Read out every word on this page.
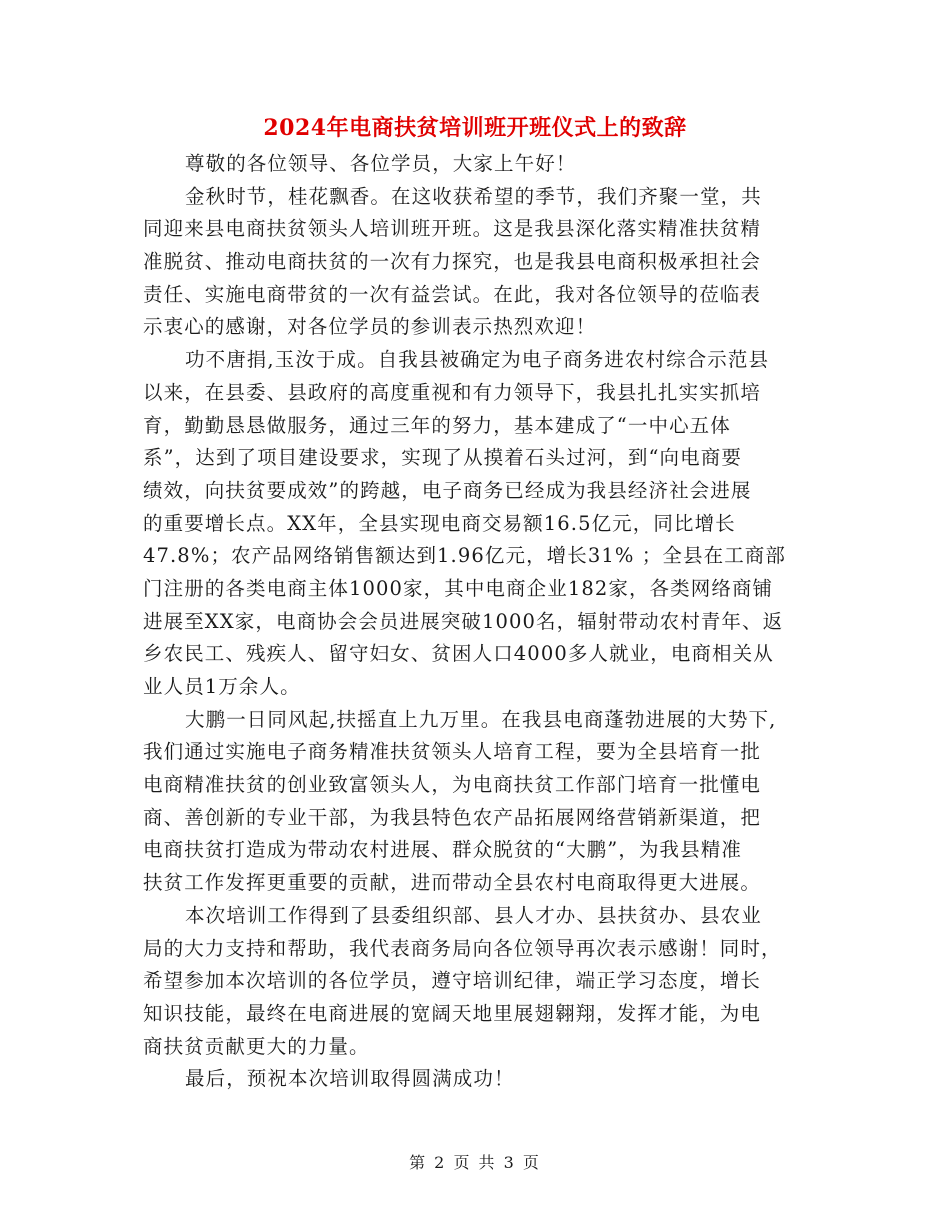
2024年电商扶贫培训班开班仪式上的致辞
尊敬的各位领导、各位学员，大家上午好！
金秋时节，桂花飘香。在这收获希望的季节，我们齐聚一堂，共
同迎来县电商扶贫领头人培训班开班。这是我县深化落实精准扶贫精
准脱贫、推动电商扶贫的一次有力探究，也是我县电商积极承担社会
责任、实施电商带贫的一次有益尝试。在此，我对各位领导的莅临表
示衷心的感谢，对各位学员的参训表示热烈欢迎！
功不唐捐,玉汝于成。自我县被确定为电子商务进农村综合示范县
以来，在县委、县政府的高度重视和有力领导下，我县扎扎实实抓培
育，勤勤恳恳做服务，通过三年的努力，基本建成了“一中心五体
系”，达到了项目建设要求，实现了从摸着石头过河，到“向电商要
绩效，向扶贫要成效”的跨越，电子商务已经成为我县经济社会进展
的重要增长点。XX年，全县实现电商交易额16.5亿元，同比增长
47.8%；农产品网络销售额达到1.96亿元，增长31% ；全县在工商部
门注册的各类电商主体1000家，其中电商企业182家，各类网络商铺
进展至XX家，电商协会会员进展突破1000名，辐射带动农村青年、返
乡农民工、残疾人、留守妇女、贫困人口4000多人就业，电商相关从
业人员1万余人。
大鹏一日同风起,扶摇直上九万里。在我县电商蓬勃进展的大势下,
我们通过实施电子商务精准扶贫领头人培育工程，要为全县培育一批
电商精准扶贫的创业致富领头人，为电商扶贫工作部门培育一批懂电
商、善创新的专业干部，为我县特色农产品拓展网络营销新渠道，把
电商扶贫打造成为带动农村进展、群众脱贫的“大鹏”，为我县精准
扶贫工作发挥更重要的贡献，进而带动全县农村电商取得更大进展。
本次培训工作得到了县委组织部、县人才办、县扶贫办、县农业
局的大力支持和帮助，我代表商务局向各位领导再次表示感谢！同时，
希望参加本次培训的各位学员，遵守培训纪律，端正学习态度，增长
知识技能，最终在电商进展的宽阔天地里展翅翱翔，发挥才能，为电
商扶贫贡献更大的力量。
最后，预祝本次培训取得圆满成功！
第 2 页 共 3 页
